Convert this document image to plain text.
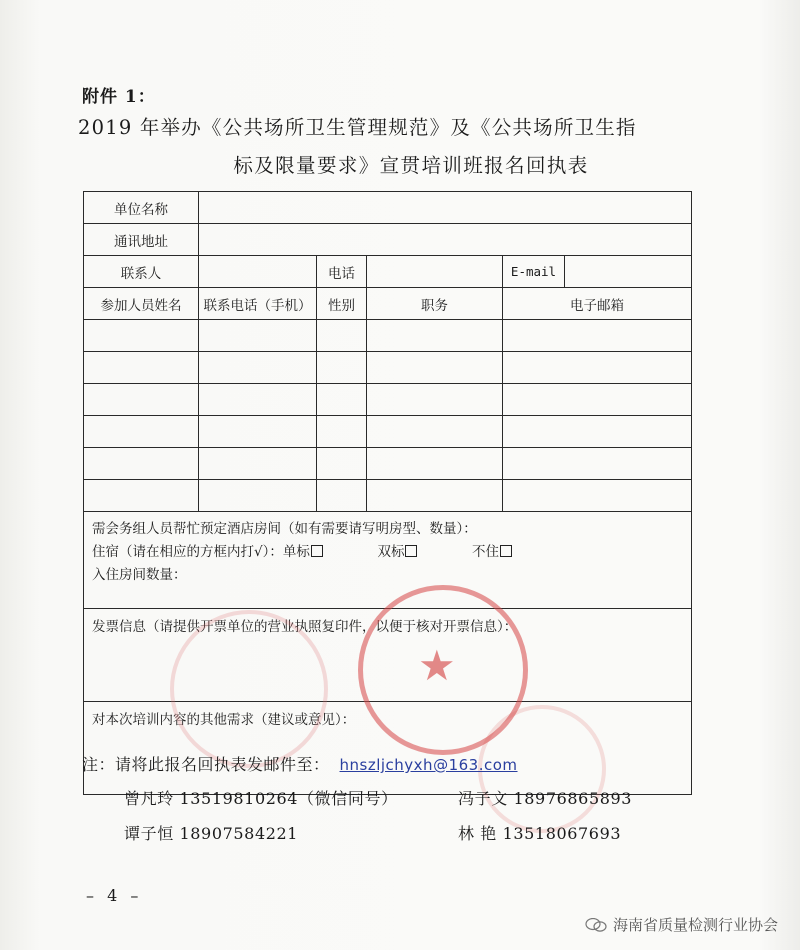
附件 1：
2019 年举办《公共场所卫生管理规范》及《公共场所卫生指
标及限量要求》宣贯培训班报名回执表
单位名称					
通讯地址					
联系人		电话		E-mail	
参加人员姓名	联系电话（手机）	性别	职务	电子邮箱	

需会务组人员帮忙预定酒店房间（如有需要请写明房型、数量）：
住宿（请在相应的方框内打√）：单标 双标 不住
入住房间数量：					

发票信息（请提供开票单位的营业执照复印件，以便于核对开票信息）：					
对本次培训内容的其他需求（建议或意见）：					
★
注：请将此报名回执表发邮件至： hnszljchyxh@163.com
曾凡玲 13519810264（微信同号）	冯子文 18976865893
谭子恒 18907584221	林 艳 13518067693
– 4 –
海南省质量检测行业协会
